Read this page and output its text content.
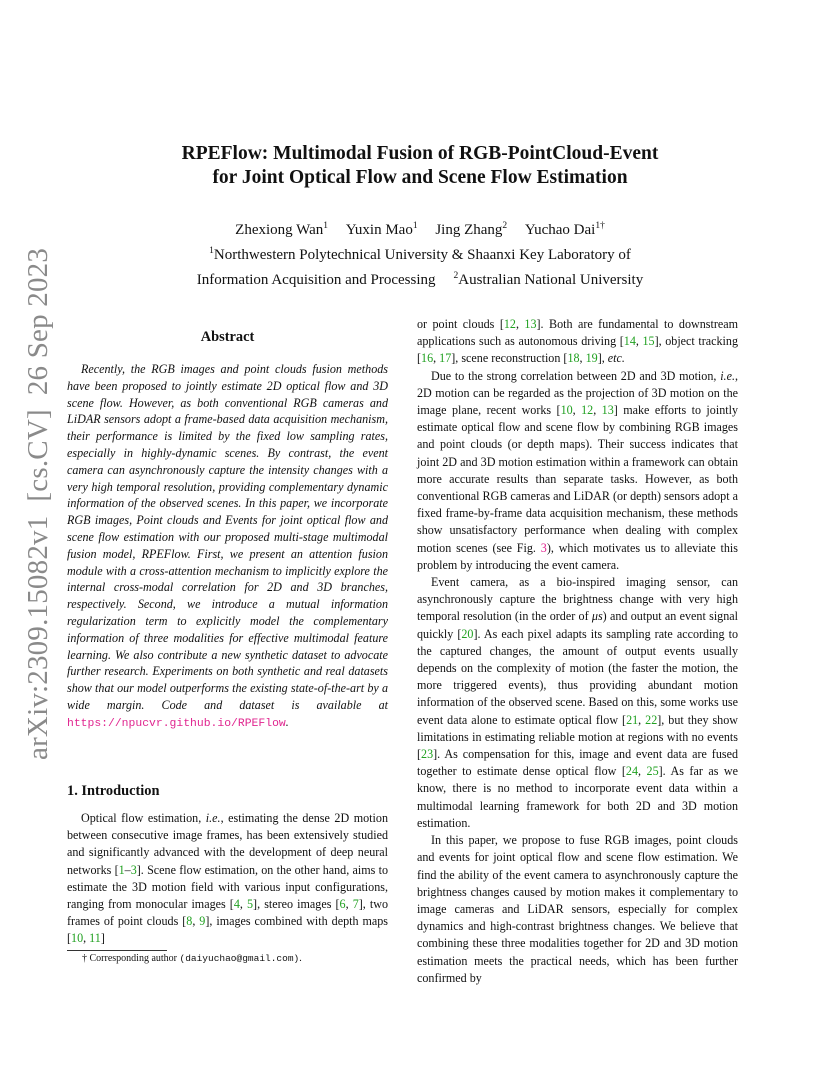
arXiv:2309.15082v1[cs.CV]26 Sep 2023
RPEFlow: Multimodal Fusion of RGB-PointCloud-Event
for Joint Optical Flow and Scene Flow Estimation
Zhexiong Wan$^1$ Yuxin Mao$^1$ Jing Zhang$^2$ Yuchao Dai$^{1\dagger}$
$^1$Northwestern Polytechnical University & Shaanxi Key Laboratory of
Information Acquisition and Processing $^2$Australian National University
Abstract
Recently, the RGB images and point clouds fusion methods have been proposed to jointly estimate 2D optical flow and 3D scene flow. However, as both conventional RGB cameras and LiDAR sensors adopt a frame-based data acquisition mechanism, their performance is limited by the fixed low sampling rates, especially in highly-dynamic scenes. By contrast, the event camera can asynchronously capture the intensity changes with a very high temporal resolution, providing complementary dynamic information of the observed scenes. In this paper, we incorporate RGB images, Point clouds and Events for joint optical flow and scene flow estimation with our proposed multi-stage multimodal fusion model, RPEFlow. First, we present an attention fusion module with a cross-attention mechanism to implicitly explore the internal cross-modal correlation for 2D and 3D branches, respectively. Second, we introduce a mutual information regularization term to explicitly model the complementary information of three modalities for effective multimodal feature learning. We also contribute a new synthetic dataset to advocate further research. Experiments on both synthetic and real datasets show that our model outperforms the existing state-of-the-art by a wide margin. Code and dataset is available at https://npucvr.github.io/RPEFlow.
1. Introduction

Optical flow estimation, i.e., estimating the dense 2D motion between consecutive image frames, has been extensively studied and significantly advanced with the development of deep neural networks [1–3]. Scene flow estimation, on the other hand, aims to estimate the 3D motion field with various input configurations, ranging from monocular images [4, 5], stereo images [6, 7], two frames of point clouds [8, 9], images combined with depth maps [10, 11]

or point clouds [12, 13]. Both are fundamental to downstream applications such as autonomous driving [14, 15], object tracking [16, 17], scene reconstruction [18, 19], etc.

Due to the strong correlation between 2D and 3D motion, i.e., 2D motion can be regarded as the projection of 3D motion on the image plane, recent works [10, 12, 13] make efforts to jointly estimate optical flow and scene flow by combining RGB images and point clouds (or depth maps). Their success indicates that joint 2D and 3D motion estimation within a framework can obtain more accurate results than separate tasks. However, as both conventional RGB cameras and LiDAR (or depth) sensors adopt a fixed frame-by-frame data acquisition mechanism, these methods show unsatisfactory performance when dealing with complex motion scenes (see Fig. 3), which motivates us to alleviate this problem by introducing the event camera.

Event camera, as a bio-inspired imaging sensor, can asynchronously capture the brightness change with very high temporal resolution (in the order of μs) and output an event signal quickly [20]. As each pixel adapts its sampling rate according to the captured changes, the amount of output events usually depends on the complexity of motion (the faster the motion, the more triggered events), thus providing abundant motion information of the observed scene. Based on this, some works use event data alone to estimate optical flow [21, 22], but they show limitations in estimating reliable motion at regions with no events [23]. As compensation for this, image and event data are fused together to estimate dense optical flow [24, 25]. As far as we know, there is no method to incorporate event data within a multimodal learning framework for both 2D and 3D motion estimation.

In this paper, we propose to fuse RGB images, point clouds and events for joint optical flow and scene flow estimation. We find the ability of the event camera to asynchronously capture the brightness changes caused by motion makes it complementary to image cameras and LiDAR sensors, especially for complex dynamics and high-contrast brightness changes. We believe that combining these three modalities together for 2D and 3D motion estimation meets the practical needs, which has been further confirmed by

† Corresponding author (daiyuchao@gmail.com).
